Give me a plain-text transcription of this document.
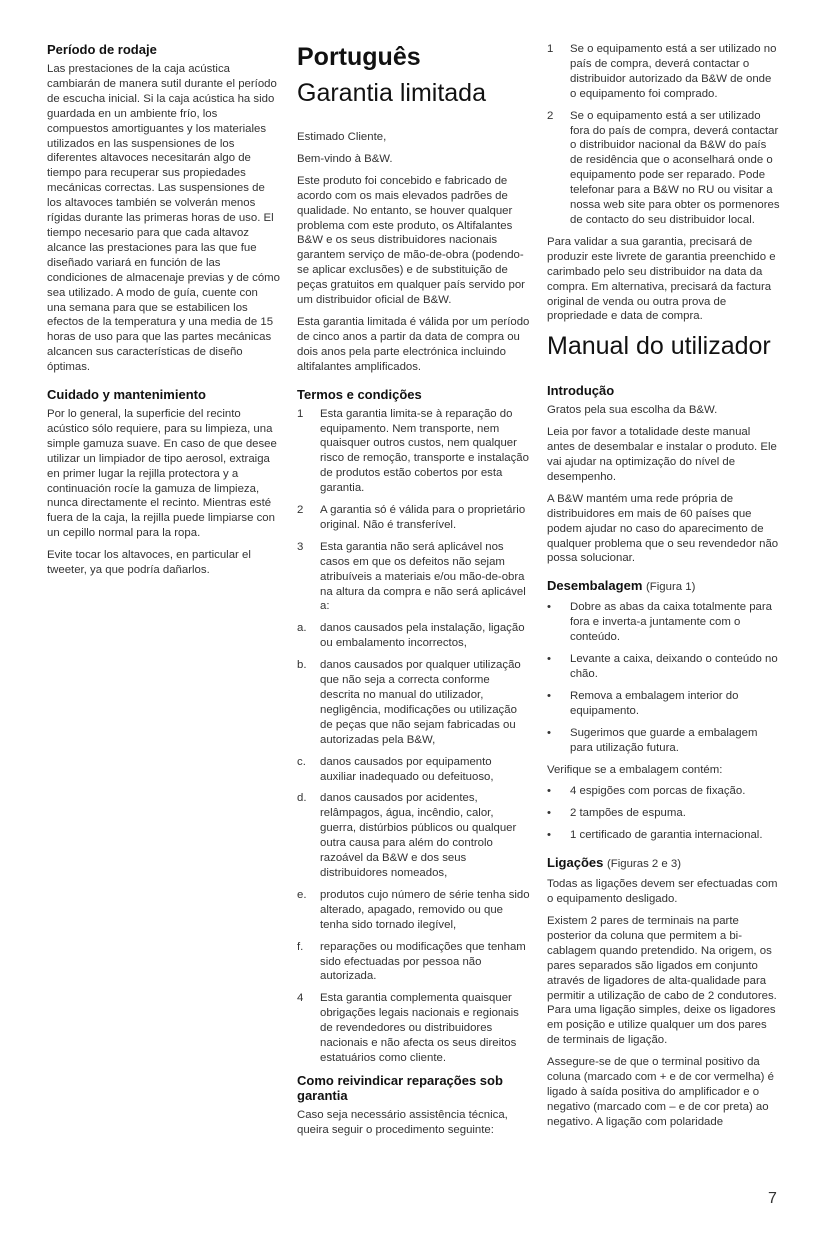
Período de rodaje

Las prestaciones de la caja acústica cambiarán de manera sutil durante el período de escucha inicial. Si la caja acústica ha sido guardada en un ambiente frío, los compuestos amortiguantes y los materiales utilizados en las suspensiones de los diferentes altavoces necesitarán algo de tiempo para recuperar sus propiedades mecánicas correctas. Las suspensiones de los altavoces también se volverán menos rígidas durante las primeras horas de uso. El tiempo necesario para que cada altavoz alcance las prestaciones para las que fue diseñado variará en función de las condiciones de almacenaje previas y de cómo sea utilizado. A modo de guía, cuente con una semana para que se estabilicen los efectos de la temperatura y una media de 15 horas de uso para que las partes mecánicas alcancen sus características de diseño óptimas.

Cuidado y mantenimiento

Por lo general, la superficie del recinto acústico sólo requiere, para su limpieza, una simple gamuza suave. En caso de que desee utilizar un limpiador de tipo aerosol, extraiga en primer lugar la rejilla protectora y a continuación rocíe la gamuza de limpieza, nunca directamente el recinto. Mientras esté fuera de la caja, la rejilla puede limpiarse con un cepillo normal para la ropa.

Evite tocar los altavoces, en particular el tweeter, ya que podría dañarlos.

Português
Garantia limitada

Estimado Cliente,

Bem-vindo à B&W.

Este produto foi concebido e fabricado de acordo com os mais elevados padrões de qualidade. No entanto, se houver qualquer problema com este produto, os Altifalantes B&W e os seus distribuidores nacionais garantem serviço de mão-de-obra (podendo-se aplicar exclusões) e de substituição de peças gratuitos em qualquer país servido por um distribuidor oficial de B&W.

Esta garantia limitada é válida por um período de cinco anos a partir da data de compra ou dois anos pela parte electrónica incluindo altifalantes amplificados.

Termos e condições
1 Esta garantia limita-se à reparação do equipamento. Nem transporte, nem quaisquer outros custos, nem qualquer risco de remoção, transporte e instalação de produtos estão cobertos por esta garantia.
2 A garantia só é válida para o proprietário original. Não é transferível.
3 Esta garantia não será aplicável nos casos em que os defeitos não sejam atribuíveis a materiais e/ou mão-de-obra na altura da compra e não será aplicável a:
a. danos causados pela instalação, ligação ou embalamento incorrectos,
b. danos causados por qualquer utilização que não seja a correcta conforme descrita no manual do utilizador, negligência, modificações ou utilização de peças que não sejam fabricadas ou autorizadas pela B&W,
c. danos causados por equipamento auxiliar inadequado ou defeituoso,
d. danos causados por acidentes, relâmpagos, água, incêndio, calor, guerra, distúrbios públicos ou qualquer outra causa para além do controlo razoável da B&W e dos seus distribuidores nomeados,
e. produtos cujo número de série tenha sido alterado, apagado, removido ou que tenha sido tornado ilegível,
f. reparações ou modificações que tenham sido efectuadas por pessoa não autorizada.
4 Esta garantia complementa quaisquer obrigações legais nacionais e regionais de revendedores ou distribuidores nacionais e não afecta os seus direitos estatuários como cliente.
Como reivindicar reparações sob garantia

Caso seja necessário assistência técnica, queira seguir o procedimento seguinte:

1 Se o equipamento está a ser utilizado no país de compra, deverá contactar o distribuidor autorizado da B&W de onde o equipamento foi comprado.
2 Se o equipamento está a ser utilizado fora do país de compra, deverá contactar o distribuidor nacional da B&W do país de residência que o aconselhará onde o equipamento pode ser reparado. Pode telefonar para a B&W no RU ou visitar a nossa web site para obter os pormenores de contacto do seu distribuidor local.

Para validar a sua garantia, precisará de produzir este livrete de garantia preenchido e carimbado pelo seu distribuidor na data da compra. Em alternativa, precisará da factura original de venda ou outra prova de propriedade e data de compra.

Manual do utilizador
Introdução

Gratos pela sua escolha da B&W.

Leia por favor a totalidade deste manual antes de desembalar e instalar o produto. Ele vai ajudar na optimização do nível de desempenho.

A B&W mantém uma rede própria de distribuidores em mais de 60 países que podem ajudar no caso do aparecimento de qualquer problema que o seu revendedor não possa solucionar.

Desembalagem (Figura 1)
• Dobre as abas da caixa totalmente para fora e inverta-a juntamente com o conteúdo.
• Levante a caixa, deixando o conteúdo no chão.
• Remova a embalagem interior do equipamento.
• Sugerimos que guarde a embalagem para utilização futura.

Verifique se a embalagem contém:

• 4 espigões com porcas de fixação.
• 2 tampões de espuma.
• 1 certificado de garantia internacional.
Ligações (Figuras 2 e 3)

Todas as ligações devem ser efectuadas com o equipamento desligado.

Existem 2 pares de terminais na parte posterior da coluna que permitem a bi-cablagem quando pretendido. Na origem, os pares separados são ligados em conjunto através de ligadores de alta-qualidade para permitir a utilização de cabo de 2 condutores. Para uma ligação simples, deixe os ligadores em posição e utilize qualquer um dos pares de terminais de ligação.

Assegure-se de que o terminal positivo da coluna (marcado com + e de cor vermelha) é ligado à saída positiva do amplificador e o negativo (marcado com – e de cor preta) ao negativo. A ligação com polaridade

7
